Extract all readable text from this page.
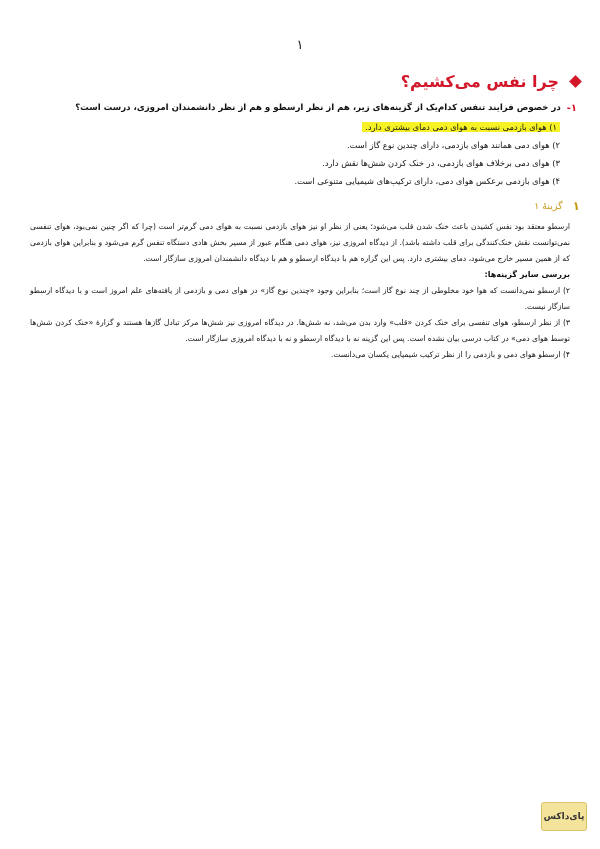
١
چرا نفس می‌کشیم؟
۱-
در خصوص فرایند تنفس کدام‌یک از گزینه‌های زیر، هم از نظر ارسطو و هم از نظر دانشمندان امروزی، درست است؟
۱) هوای بازدمی نسبت به هوای دمی دمای بیشتری دارد.
۲) هوای دمی همانند هوای بازدمی، دارای چندین نوع گاز است.
۳) هوای دمی برخلاف هوای بازدمی، در خنک کردن شش‌ها نقش دارد.
۴) هوای بازدمی برعکس هوای دمی، دارای ترکیب‌های شیمیایی متنوعی است.
۱
گزینهٔ ۱

ارسطو معتقد بود نفس کشیدن باعث خنک شدن قلب می‌شود؛ یعنی از نظر او نیز هوای بازدمی نسبت به هوای دمی گرم‌تر است (چرا که اگر چنین نمی‌بود، هوای تنفسی نمی‌توانست نقش خنک‌کنندگی برای قلب داشته باشد). از دیدگاه امروزی نیز، هوای دمی هنگام عبور از مسیر بخش هادی دستگاه تنفس گرم می‌شود و بنابراین هوای بازدمی که از همین مسیر خارج می‌شود، دمای بیشتری دارد. پس این گزاره هم با دیدگاه ارسطو و هم با دیدگاه دانشمندان امروزی سازگار است.

بررسی سایر گزینه‌ها:

۲) ارسطو نمی‌دانست که هوا خود مخلوطی از چند نوع گاز است؛ بنابراین وجود «چندین نوع گاز» در هوای دمی و بازدمی از یافته‌های علم امروز است و با دیدگاه ارسطو سازگار نیست.

۳) از نظر ارسطو، هوای تنفسی برای خنک کردن «قلب» وارد بدن می‌شد، نه شش‌ها. در دیدگاه امروزی نیز شش‌ها مرکز تبادل گازها هستند و گزارهٔ «خنک کردن شش‌ها توسط هوای دمی» در کتاب درسی بیان نشده است. پس این گزینه نه با دیدگاه ارسطو و نه با دیدگاه امروزی سازگار است.

۴) ارسطو هوای دمی و بازدمی را از نظر ترکیب شیمیایی یکسان می‌دانست.

پای‌داکس
